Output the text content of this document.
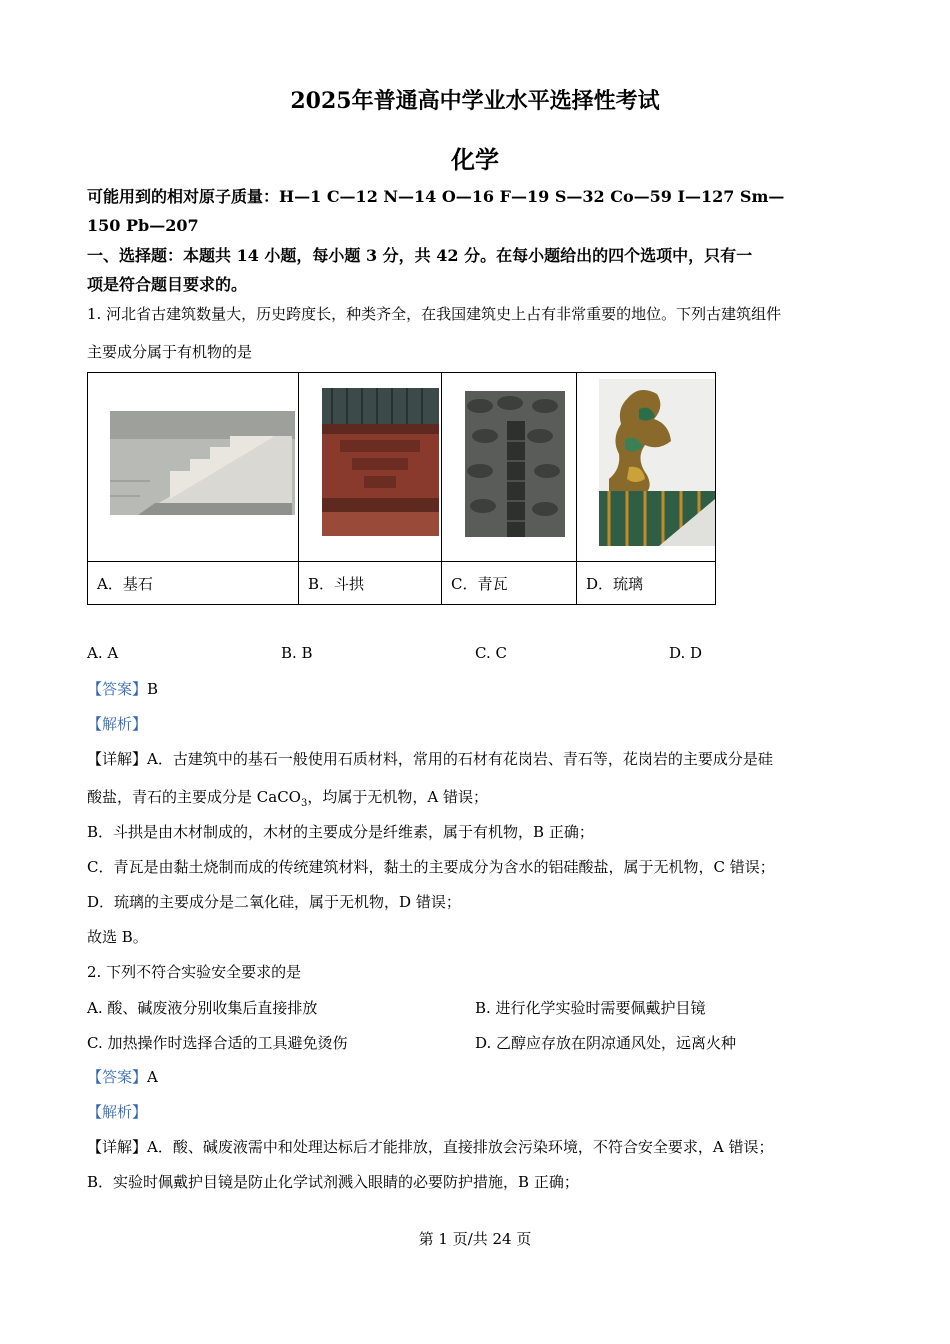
2025年普通高中学业水平选择性考试
化学
可能用到的相对原子质量：H—1 C—12 N—14 O—16 F—19 S—32 Co—59 I—127 Sm—
150 Pb—207
一、选择题：本题共 14 小题，每小题 3 分，共 42 分。在每小题给出的四个选项中，只有一
项是符合题目要求的。
1. 河北省古建筑数量大，历史跨度长，种类齐全，在我国建筑史上占有非常重要的地位。下列古建筑组件
主要成分属于有机物的是

A．基石	B．斗拱	C．青瓦	D．琉璃
A. A	B. B	C. C	D. D
【答案】B
【解析】
【详解】A．古建筑中的基石一般使用石质材料，常用的石材有花岗岩、青石等，花岗岩的主要成分是硅
酸盐，青石的主要成分是 CaCO$_3$，均属于无机物，A 错误；
B．斗拱是由木材制成的，木材的主要成分是纤维素，属于有机物，B 正确；
C．青瓦是由黏土烧制而成的传统建筑材料，黏土的主要成分为含水的铝硅酸盐，属于无机物，C 错误；
D．琉璃的主要成分是二氧化硅，属于无机物，D 错误；
故选 B。
2. 下列不符合实验安全要求的是
A. 酸、碱废液分别收集后直接排放	B. 进行化学实验时需要佩戴护目镜
C. 加热操作时选择合适的工具避免烫伤	D. 乙醇应存放在阴凉通风处，远离火种
【答案】A
【解析】
【详解】A．酸、碱废液需中和处理达标后才能排放，直接排放会污染环境，不符合安全要求，A 错误；
B．实验时佩戴护目镜是防止化学试剂溅入眼睛的必要防护措施，B 正确；
第 1 页/共 24 页
